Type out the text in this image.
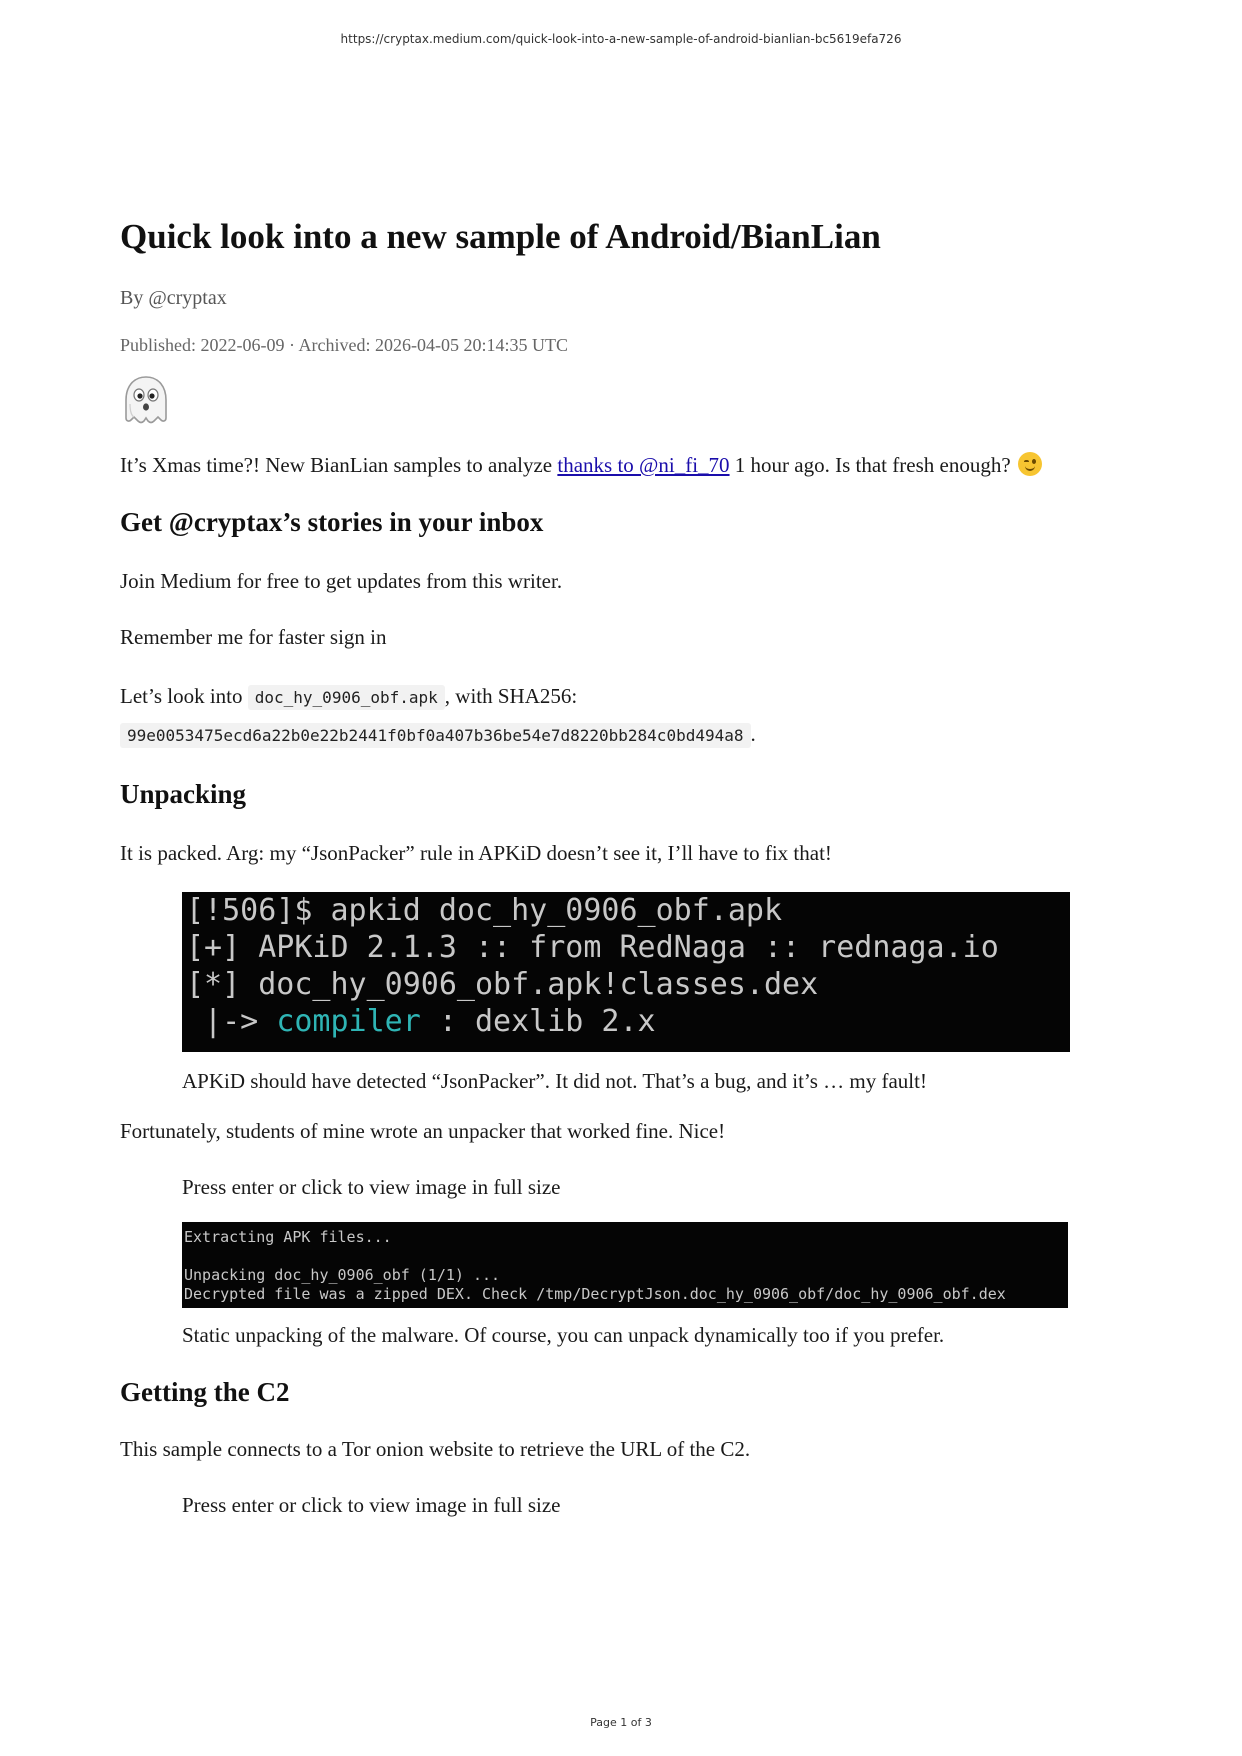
https://cryptax.medium.com/quick-look-into-a-new-sample-of-android-bianlian-bc5619efa726
Quick look into a new sample of Android/BianLian
By @cryptax
Published: 2022-06-09 · Archived: 2026-04-05 20:14:35 UTC

It’s Xmas time?! New BianLian samples to analyze thanks to @ni_fi_70 1 hour ago. Is that fresh enough?

Get @cryptax’s stories in your inbox

Join Medium for free to get updates from this writer.

Remember me for faster sign in

Let’s look into doc_hy_0906_obf.apk , with SHA256:
99e0053475ecd6a22b0e22b2441f0bf0a407b36be54e7d8220bb284c0bd494a8 .

Unpacking

It is packed. Arg: my “JsonPacker” rule in APKiD doesn’t see it, I’ll have to fix that!

[!506]$ apkid doc_hy_0906_obf.apk
[+] APKiD 2.1.3 :: from RedNaga :: rednaga.io
[*] doc_hy_0906_obf.apk!classes.dex
|-> compiler : dexlib 2.x

APKiD should have detected “JsonPacker”. It did not. That’s a bug, and it’s … my fault!

Fortunately, students of mine wrote an unpacker that worked fine. Nice!

Press enter or click to view image in full size

Extracting APK files...
Unpacking doc_hy_0906_obf (1/1) ...
Decrypted file was a zipped DEX. Check /tmp/DecryptJson.doc_hy_0906_obf/doc_hy_0906_obf.dex

Static unpacking of the malware. Of course, you can unpack dynamically too if you prefer.

Getting the C2

This sample connects to a Tor onion website to retrieve the URL of the C2.

Press enter or click to view image in full size

Page 1 of 3
